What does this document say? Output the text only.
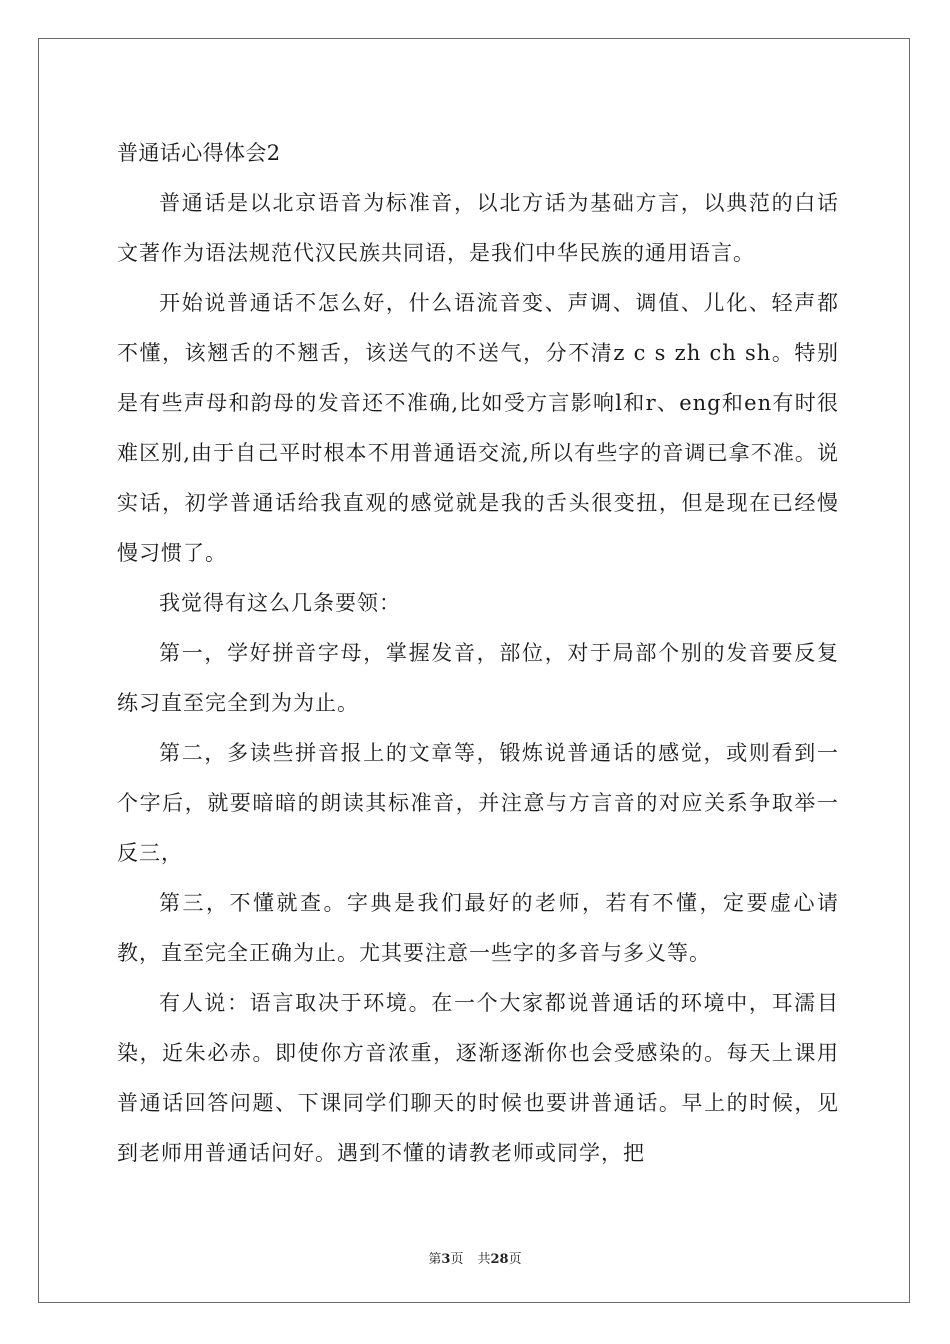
普通话心得体会2

普通话是以北京语音为标准音，以北方话为基础方言，以典范的白话文著作为语法规范代汉民族共同语，是我们中华民族的通用语言。

开始说普通话不怎么好，什么语流音变、声调、调值、儿化、轻声都不懂，该翘舌的不翘舌，该送气的不送气，分不清z c s zh ch sh。特别是有些声母和韵母的发音还不准确,比如受方言影响l和r、eng和en有时很难区别,由于自己平时根本不用普通语交流,所以有些字的音调已拿不准。说实话，初学普通话给我直观的感觉就是我的舌头很变扭，但是现在已经慢慢习惯了。

我觉得有这么几条要领：

第一，学好拼音字母，掌握发音，部位，对于局部个别的发音要反复练习直至完全到为为止。

第二，多读些拼音报上的文章等，锻炼说普通话的感觉，或则看到一个字后，就要暗暗的朗读其标准音，并注意与方言音的对应关系争取举一反三，

第三，不懂就查。字典是我们最好的老师，若有不懂，定要虚心请教，直至完全正确为止。尤其要注意一些字的多音与多义等。

有人说：语言取决于环境。在一个大家都说普通话的环境中，耳濡目染，近朱必赤。即使你方音浓重，逐渐逐渐你也会受感染的。每天上课用普通话回答问题、下课同学们聊天的时候也要讲普通话。早上的时候，见到老师用普通话问好。遇到不懂的请教老师或同学，把

第3页 共28页
